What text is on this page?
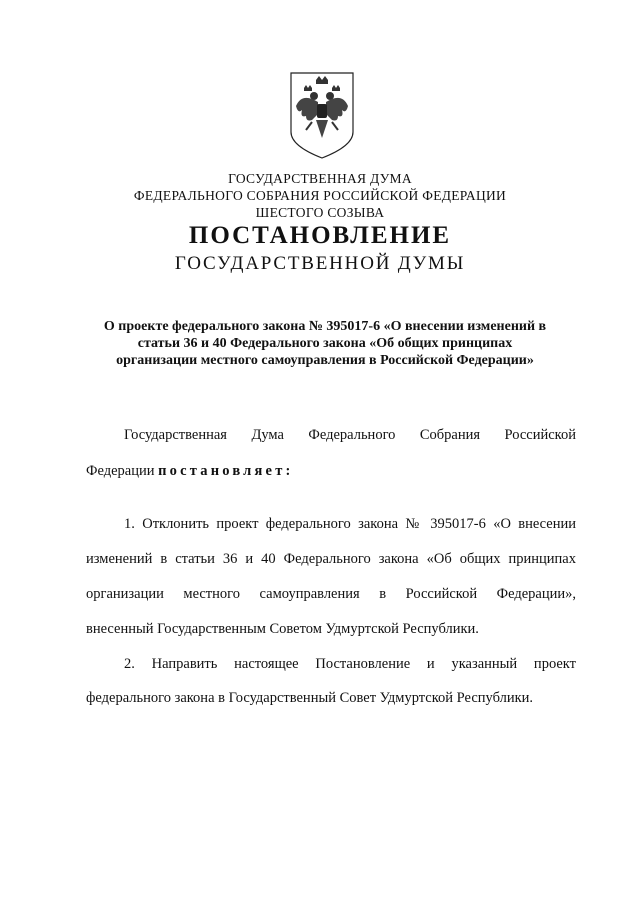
ГОСУДАРСТВЕННАЯ ДУМА
ФЕДЕРАЛЬНОГО СОБРАНИЯ РОССИЙСКОЙ ФЕДЕРАЦИИ
ШЕСТОГО СОЗЫВА
ПОСТАНОВЛЕНИЕ
ГОСУДАРСТВЕННОЙ ДУМЫ
О проекте федерального закона № 395017-6 «О внесении изменений в
статьи 36 и 40 Федерального закона «Об общих принципах
организации местного самоуправления в Российской Федерации»
Государственная Дума Федерального Собрания Российской
Федерации постановляет:
1. Отклонить проект федерального закона № 395017-6 «О внесении
изменений в статьи 36 и 40 Федерального закона «Об общих принципах
организации местного самоуправления в Российской Федерации»,
внесенный Государственным Советом Удмуртской Республики.
2. Направить настоящее Постановление и указанный проект
федерального закона в Государственный Совет Удмуртской Республики.
